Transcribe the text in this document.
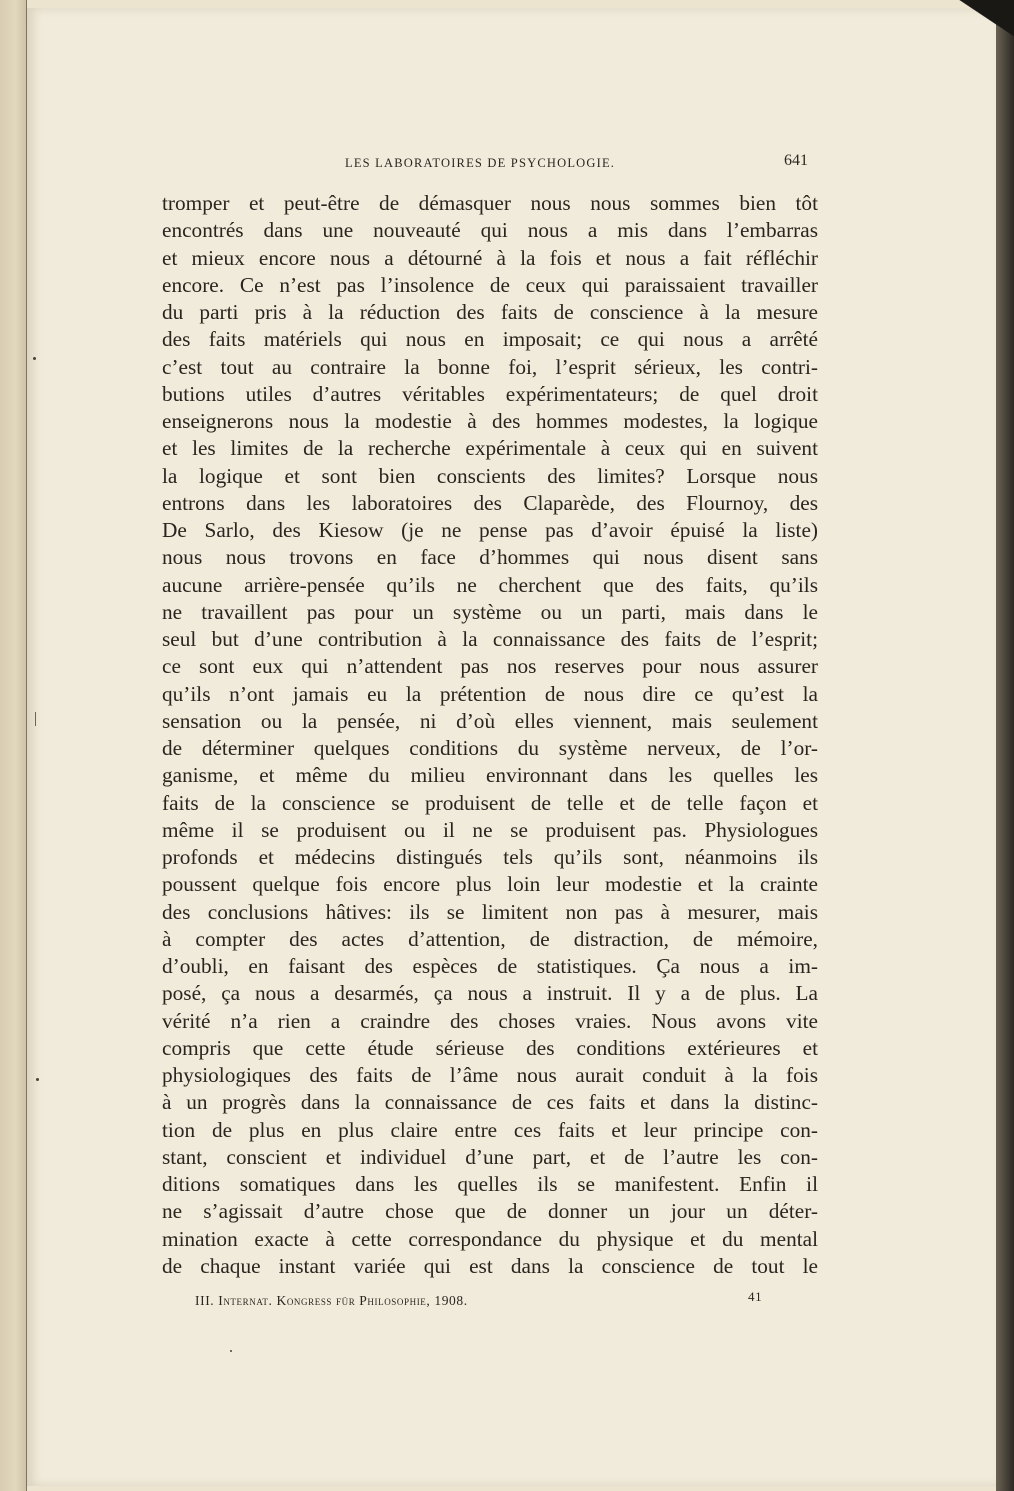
LES LABORATOIRES DE PSYCHOLOGIE.	641
tromper et peut-être de démasquer nous nous sommes bien tôt
encontrés dans une nouveauté qui nous a mis dans l’embarras
et mieux encore nous a détourné à la fois et nous a fait réfléchir
encore. Ce n’est pas l’insolence de ceux qui paraissaient travailler
du parti pris à la réduction des faits de conscience à la mesure
des faits matériels qui nous en imposait; ce qui nous a arrêté
c’est tout au contraire la bonne foi, l’esprit sérieux, les contri-
butions utiles d’autres véritables expérimentateurs; de quel droit
enseignerons nous la modestie à des hommes modestes, la logique
et les limites de la recherche expérimentale à ceux qui en suivent
la logique et sont bien conscients des limites? Lorsque nous
entrons dans les laboratoires des Claparède, des Flournoy, des
De Sarlo, des Kiesow (je ne pense pas d’avoir épuisé la liste)
nous nous trovons en face d’hommes qui nous disent sans
aucune arrière-pensée qu’ils ne cherchent que des faits, qu’ils
ne travaillent pas pour un système ou un parti, mais dans le
seul but d’une contribution à la connaissance des faits de l’esprit;
ce sont eux qui n’attendent pas nos reserves pour nous assurer
qu’ils n’ont jamais eu la prétention de nous dire ce qu’est la
sensation ou la pensée, ni d’où elles viennent, mais seulement
de déterminer quelques conditions du système nerveux, de l’or-
ganisme, et même du milieu environnant dans les quelles les
faits de la conscience se produisent de telle et de telle façon et
même il se produisent ou il ne se produisent pas. Physiologues
profonds et médecins distingués tels qu’ils sont, néanmoins ils
poussent quelque fois encore plus loin leur modestie et la crainte
des conclusions hâtives: ils se limitent non pas à mesurer, mais
à compter des actes d’attention, de distraction, de mémoire,
d’oubli, en faisant des espèces de statistiques. Ça nous a im-
posé, ça nous a desarmés, ça nous a instruit. Il y a de plus. La
vérité n’a rien a craindre des choses vraies. Nous avons vite
compris que cette étude sérieuse des conditions extérieures et
physiologiques des faits de l’âme nous aurait conduit à la fois
à un progrès dans la connaissance de ces faits et dans la distinc-
tion de plus en plus claire entre ces faits et leur principe con-
stant, conscient et individuel d’une part, et de l’autre les con-
ditions somatiques dans les quelles ils se manifestent. Enfin il
ne s’agissait d’autre chose que de donner un jour un déter-
mination exacte à cette correspondance du physique et du mental
de chaque instant variée qui est dans la conscience de tout le
III. Internat. Kongress für Philosophie, 1908.	41
